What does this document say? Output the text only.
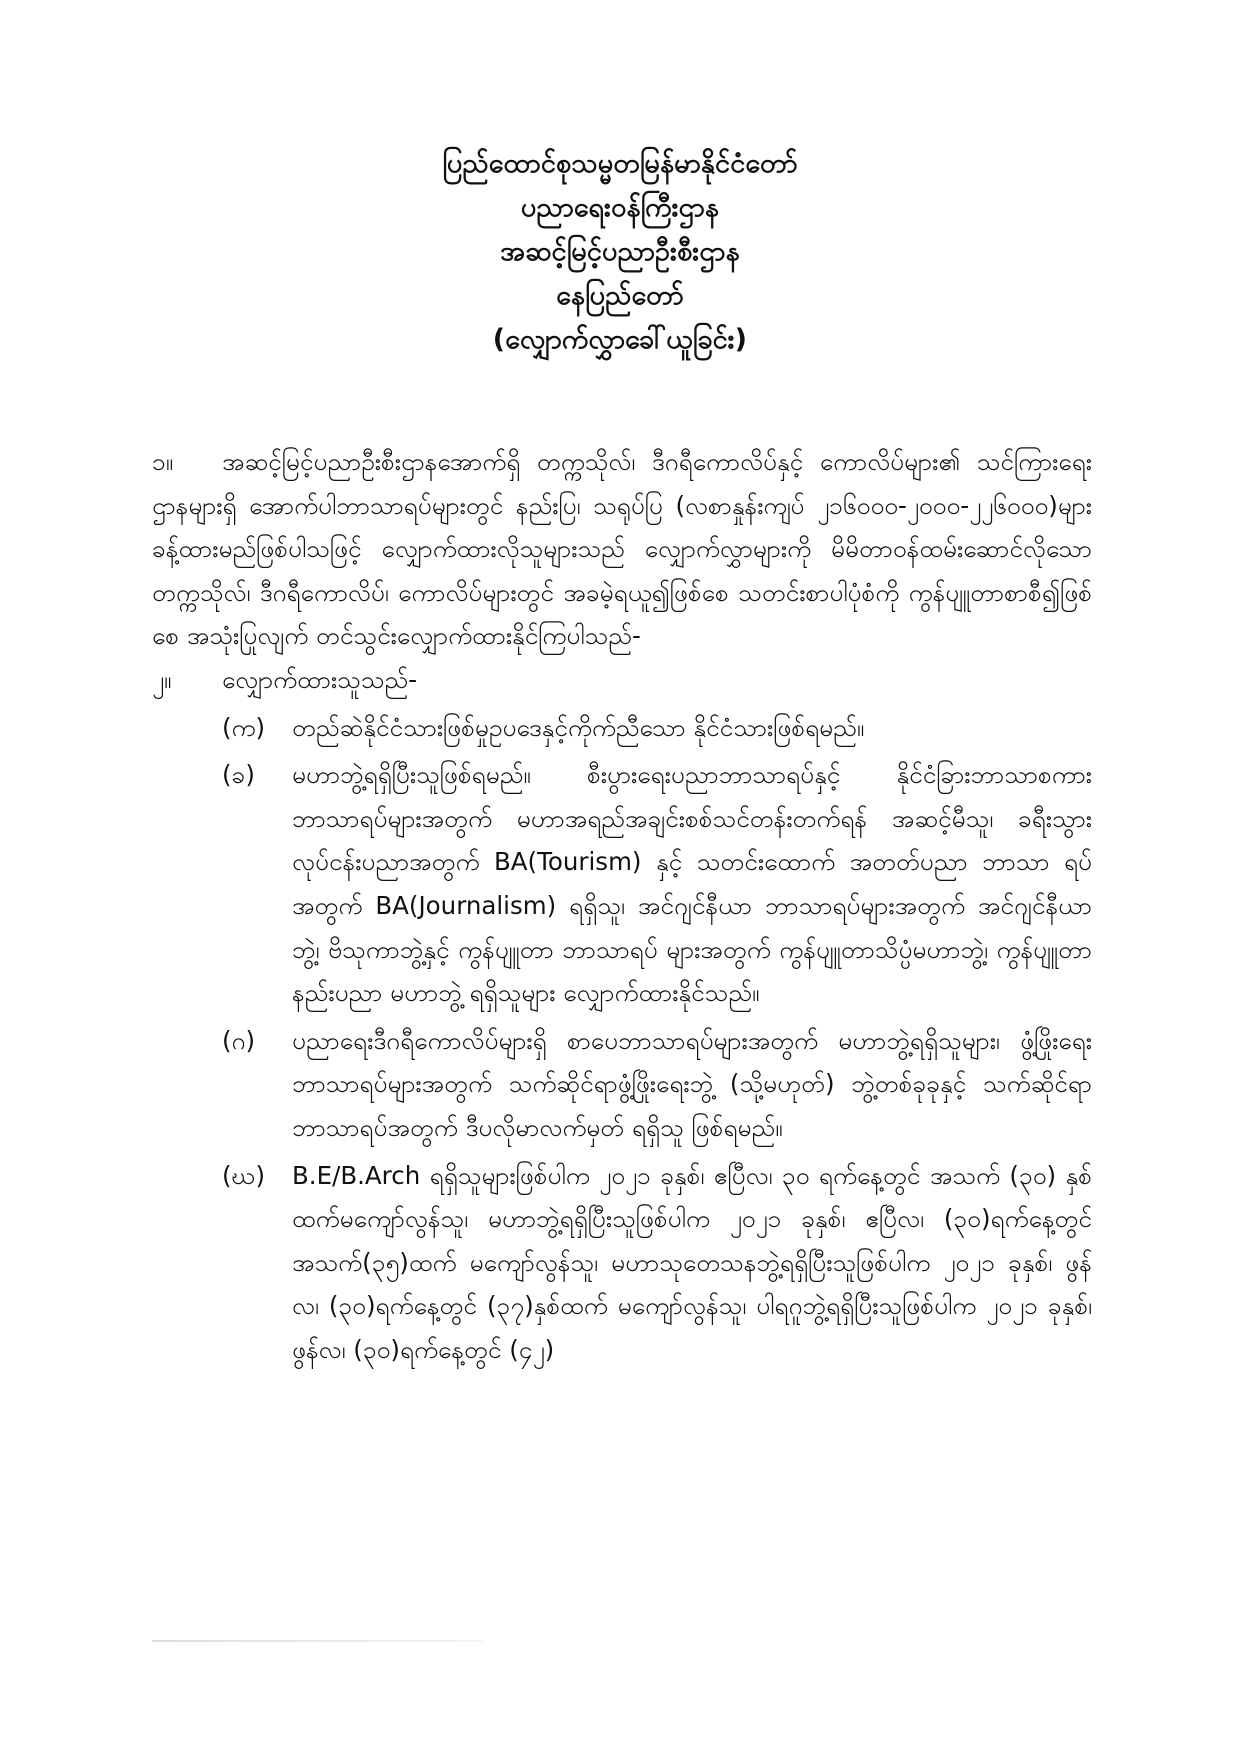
ပြည်ထောင်စုသမ္မတမြန်မာနိုင်ငံတော်
ပညာရေးဝန်ကြီးဌာန
အဆင့်မြင့်ပညာဦးစီးဌာန
နေပြည်တော်
(လျှောက်လွှာခေါ်ယူခြင်း)
၁။	အဆင့်မြင့်ပညာဦးစီးဌာနအောက်ရှိ တက္ကသိုလ်၊ ဒီဂရီကောလိပ်နှင့် ကောလိပ်များ၏ သင်ကြားရေးဌာနများရှိ အောက်ပါဘာသာရပ်များတွင် နည်းပြ၊ သရုပ်ပြ (လစာနှုန်းကျပ် ၂၁၆၀၀၀-၂၀၀၀-၂၂၆၀၀၀)များခန့်ထားမည်ဖြစ်ပါသဖြင့် လျှောက်ထားလိုသူများသည် လျှောက်လွှာများကို မိမိတာဝန်ထမ်းဆောင်လိုသော တက္ကသိုလ်၊ ဒီဂရီကောလိပ်၊ ကောလိပ်များတွင် အခမဲ့ရယူ၍ဖြစ်စေ သတင်းစာပါပုံစံကို ကွန်ပျူတာစာစီ၍ဖြစ်စေ အသုံးပြုလျက် တင်သွင်းလျှောက်ထားနိုင်ကြပါသည်-
၂။ လျှောက်ထားသူသည်-
(က) တည်ဆဲနိုင်ငံသားဖြစ်မှုဥပဒေနှင့်ကိုက်ညီသော နိုင်ငံသားဖြစ်ရမည်။
(ခ) မဟာဘွဲ့ရရှိပြီးသူဖြစ်ရမည်။ စီးပွားရေးပညာဘာသာရပ်နှင့် နိုင်ငံခြားဘာသာစကား ဘာသာရပ်များအတွက် မဟာအရည်အချင်းစစ်သင်တန်းတက်ရန် အဆင့်မီသူ၊ ခရီးသွားလုပ်ငန်းပညာအတွက် BA(Tourism) နှင့် သတင်းထောက် အတတ်ပညာ ဘာသာ ရပ်အတွက် BA(Journalism) ရရှိသူ၊ အင်ဂျင်နီယာ ဘာသာရပ်များအတွက် အင်ဂျင်နီယာဘွဲ့၊ ဗိသုကာဘွဲ့နှင့် ကွန်ပျူတာ ဘာသာရပ် များအတွက် ကွန်ပျူတာသိပ္ပံမဟာဘွဲ့၊ ကွန်ပျူတာ နည်းပညာ မဟာဘွဲ့ ရရှိသူများ လျှောက်ထားနိုင်သည်။
(ဂ) ပညာရေးဒီဂရီကောလိပ်များရှိ စာပေဘာသာရပ်များအတွက် မဟာဘွဲ့ရရှိသူများ၊ ဖွံ့ဖြိုးရေးဘာသာရပ်များအတွက် သက်ဆိုင်ရာဖွံ့ဖြိုးရေးဘွဲ့ (သို့မဟုတ်) ဘွဲ့တစ်ခုခုနှင့် သက်ဆိုင်ရာဘာသာရပ်အတွက် ဒီပလိုမာလက်မှတ် ရရှိသူ ဖြစ်ရမည်။
(ဃ) B.E/B.Arch ရရှိသူများဖြစ်ပါက ၂၀၂၁ ခုနှစ်၊ ဧပြီလ၊ ၃၀ ရက်နေ့တွင် အသက် (၃၀) နှစ်ထက်မကျော်လွန်သူ၊ မဟာဘွဲ့ရရှိပြီးသူဖြစ်ပါက ၂၀၂၁ ခုနှစ်၊ ဧပြီလ၊ (၃၀)ရက်နေ့တွင် အသက်(၃၅)ထက် မကျော်လွန်သူ၊ မဟာသုတေသနဘွဲ့ရရှိပြီးသူဖြစ်ပါက ၂၀၂၁ ခုနှစ်၊ ဖွန်လ၊ (၃၀)ရက်နေ့တွင် (၃၇)နှစ်ထက် မကျော်လွန်သူ၊ ပါရဂူဘွဲ့ရရှိပြီးသူဖြစ်ပါက ၂၀၂၁ ခုနှစ်၊ ဖွန်လ၊ (၃၀)ရက်နေ့တွင် (၄၂)
